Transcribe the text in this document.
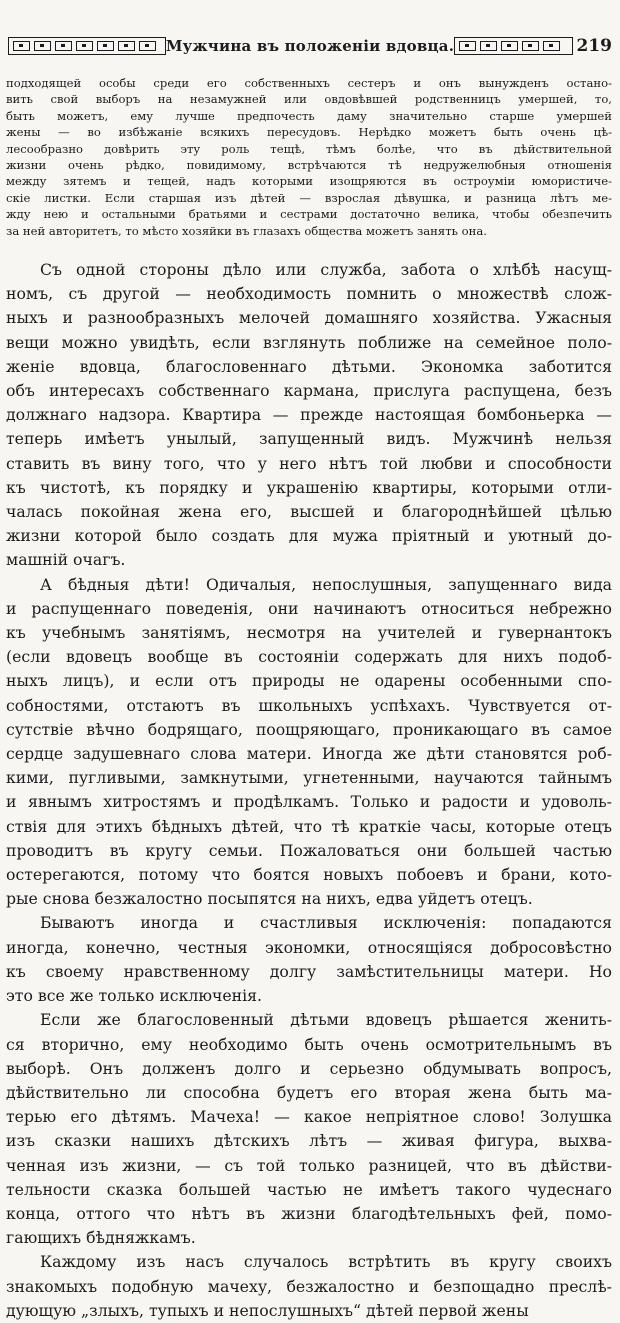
Мужчина въ положеніи вдовца.	219
подходящей особы среди его собственныхъ сестеръ и онъ вынужденъ остано-
вить свой выборъ на незамужней или овдовѣвшей родственницъ умершей, то,
быть можетъ, ему лучше предпочесть даму значительно старше умершей
жены — во избѣжаніе всякихъ пересудовъ. Нерѣдко можетъ быть очень цѣ-
лесообразно довѣрить эту роль тещѣ, тѣмъ болѣе, что въ дѣйствительной
жизни очень рѣдко, повидимому, встрѣчаются тѣ недружелюбныя отношенія
между зятемъ и тещей, надъ которыми изощряются въ остроуміи юмористиче-
скіе листки. Если старшая изъ дѣтей — взрослая дѣвушка, и разница лѣтъ ме-
жду нею и остальными братьями и сестрами достаточно велика, чтобы обезпечить
за ней авторитетъ, то мѣсто хозяйки въ глазахъ общества можетъ занять она.
Съ одной стороны дѣло или служба, забота о хлѣбѣ насущ-
номъ, съ другой — необходимость помнить о множествѣ слож-
ныхъ и разнообразныхъ мелочей домашняго хозяйства. Ужасныя
вещи можно увидѣть, если взглянуть поближе на семейное поло-
женіе вдовца, благословеннаго дѣтьми. Экономка заботится
объ интересахъ собственнаго кармана, прислуга распущена, безъ
должнаго надзора. Квартира — прежде настоящая бомбоньерка —
теперь имѣетъ унылый, запущенный видъ. Мужчинѣ нельзя
ставить въ вину того, что у него нѣтъ той любви и способности
къ чистотѣ, къ порядку и украшенію квартиры, которыми отли-
чалась покойная жена его, высшей и благороднѣйшей цѣлью
жизни которой было создать для мужа пріятный и уютный до-
машній очагъ.
А бѣдныя дѣти! Одичалыя, непослушныя, запущеннаго вида
и распущеннаго поведенія, они начинаютъ относиться небрежно
къ учебнымъ занятіямъ, несмотря на учителей и гувернантокъ
(если вдовецъ вообще въ состояніи содержать для нихъ подоб-
ныхъ лицъ), и если отъ природы не одарены особенными спо-
собностями, отстаютъ въ школьныхъ успѣхахъ. Чувствуется от-
сутствіе вѣчно бодрящаго, поощряющаго, проникающаго въ самое
сердце задушевнаго слова матери. Иногда же дѣти становятся роб-
кими, пугливыми, замкнутыми, угнетенными, научаются тайнымъ
и явнымъ хитростямъ и продѣлкамъ. Только и радости и удоволь-
ствія для этихъ бѣдныхъ дѣтей, что тѣ краткіе часы, которые отецъ
проводитъ въ кругу семьи. Пожаловаться они большей частью
остерегаются, потому что боятся новыхъ побоевъ и брани, кото-
рые снова безжалостно посыпятся на нихъ, едва уйдетъ отецъ.
Бываютъ иногда и счастливыя исключенія: попадаются
иногда, конечно, честныя экономки, относящіяся добросовѣстно
къ своему нравственному долгу замѣстительницы матери. Но
это все же только исключенія.
Если же благословенный дѣтьми вдовецъ рѣшается женить-
ся вторично, ему необходимо быть очень осмотрительнымъ въ
выборѣ. Онъ долженъ долго и серьезно обдумывать вопросъ,
дѣйствительно ли способна будетъ его вторая жена быть ма-
терью его дѣтямъ. Мачеха! — какое непріятное слово! Золушка
изъ сказки нашихъ дѣтскихъ лѣтъ — живая фигура, выхва-
ченная изъ жизни, — съ той только разницей, что въ дѣйстви-
тельности сказка большей частью не имѣетъ такого чудеснаго
конца, оттого что нѣтъ въ жизни благодѣтельныхъ фей, помо-
гающихъ бѣдняжкамъ.
Каждому изъ насъ случалось встрѣтить въ кругу своихъ
знакомыхъ подобную мачеху, безжалостно и безпощадно преслѣ-
дующую „злыхъ, тупыхъ и непослушныхъ“ дѣтей первой жены
